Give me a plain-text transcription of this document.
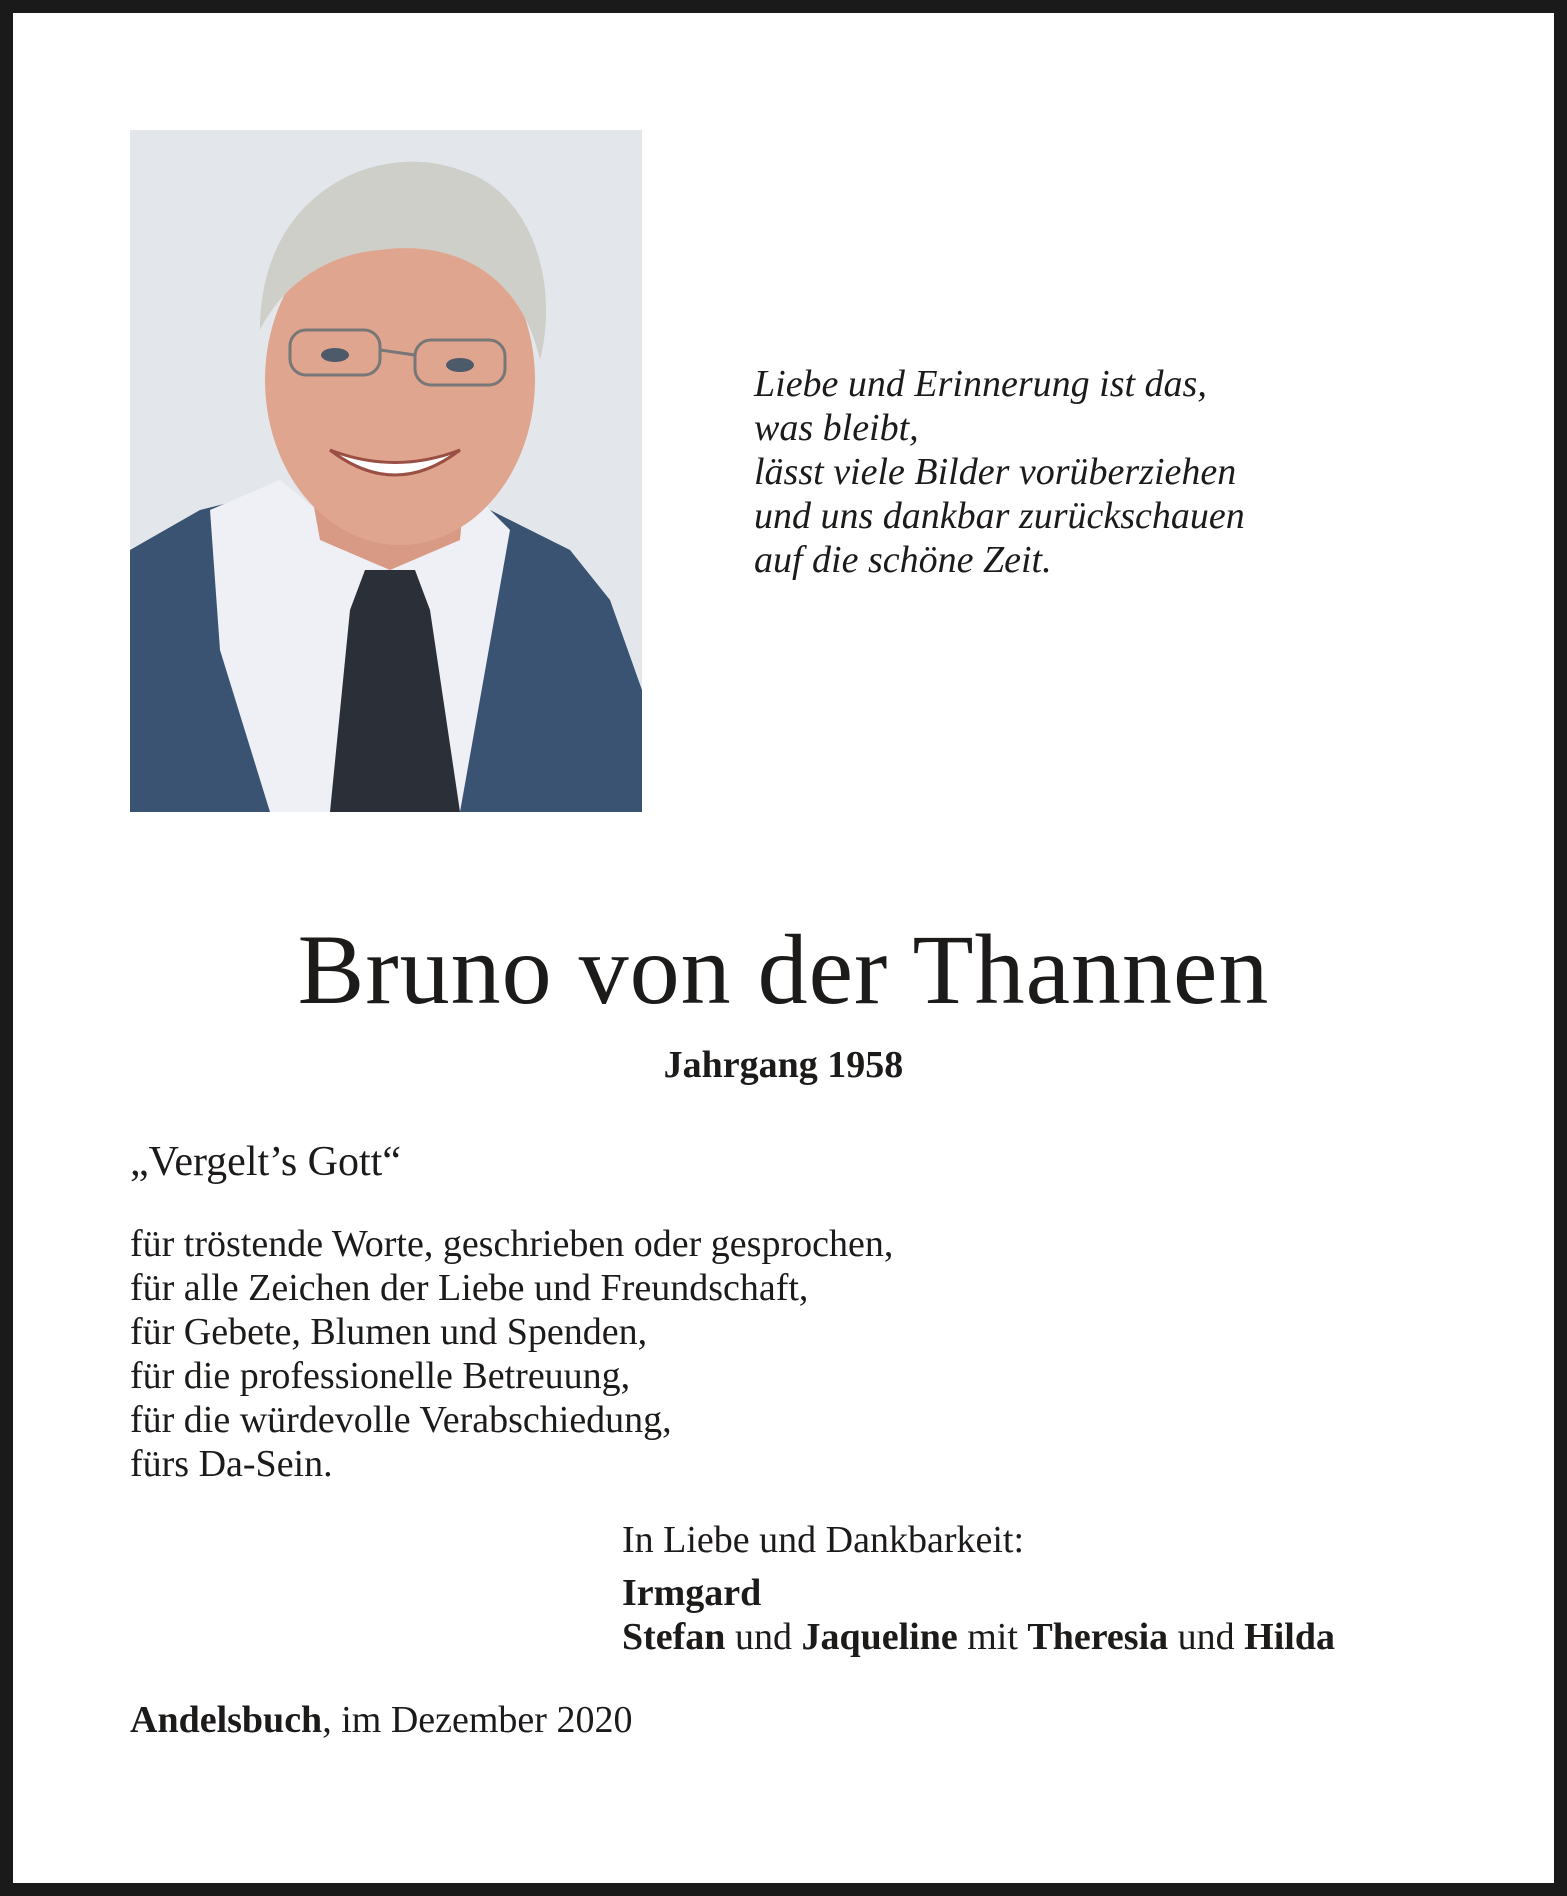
Liebe und Erinnerung ist das,
was bleibt,
lässt viele Bilder vorüberziehen
und uns dankbar zurückschauen
auf die schöne Zeit.
Bruno von der Thannen
Jahrgang 1958
„Vergelt’s Gott“
für tröstende Worte, geschrieben oder gesprochen,
für alle Zeichen der Liebe und Freundschaft,
für Gebete, Blumen und Spenden,
für die professionelle Betreuung,
für die würdevolle Verabschiedung,
fürs Da-Sein.
In Liebe und Dankbarkeit:
Irmgard
Stefan und Jaqueline mit Theresia und Hilda
Andelsbuch, im Dezember 2020
